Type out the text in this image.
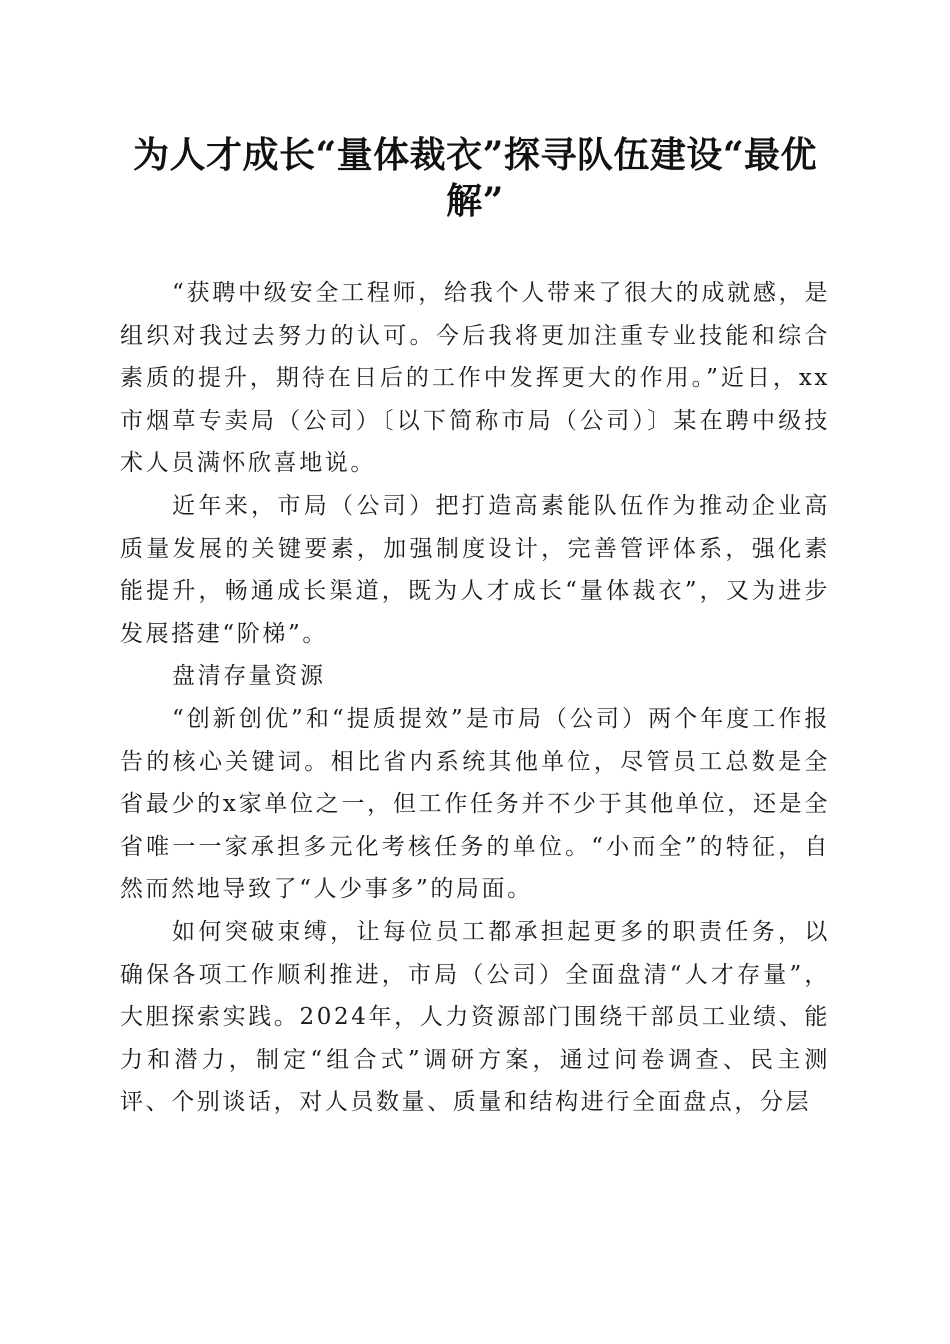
为人才成长“量体裁衣”探寻队伍建设“最优解”

“获聘中级安全工程师，给我个人带来了很大的成就感，是组织对我过去努力的认可。今后我将更加注重专业技能和综合素质的提升，期待在日后的工作中发挥更大的作用。”近日，xx市烟草专卖局（公司）〔以下简称市局（公司）〕某在聘中级技术人员满怀欣喜地说。

近年来，市局（公司）把打造高素能队伍作为推动企业高质量发展的关键要素，加强制度设计，完善管评体系，强化素能提升，畅通成长渠道，既为人才成长“量体裁衣”，又为进步发展搭建“阶梯”。

盘清存量资源

“创新创优”和“提质提效”是市局（公司）两个年度工作报告的核心关键词。相比省内系统其他单位，尽管员工总数是全省最少的x家单位之一，但工作任务并不少于其他单位，还是全省唯一一家承担多元化考核任务的单位。“小而全”的特征，自然而然地导致了“人少事多”的局面。

如何突破束缚，让每位员工都承担起更多的职责任务，以确保各项工作顺利推进，市局（公司）全面盘清“人才存量”，大胆探索实践。2024年，人力资源部门围绕干部员工业绩、能力和潜力，制定“组合式”调研方案，通过问卷调查、民主测评、个别谈话，对人员数量、质量和结构进行全面盘点，分层
